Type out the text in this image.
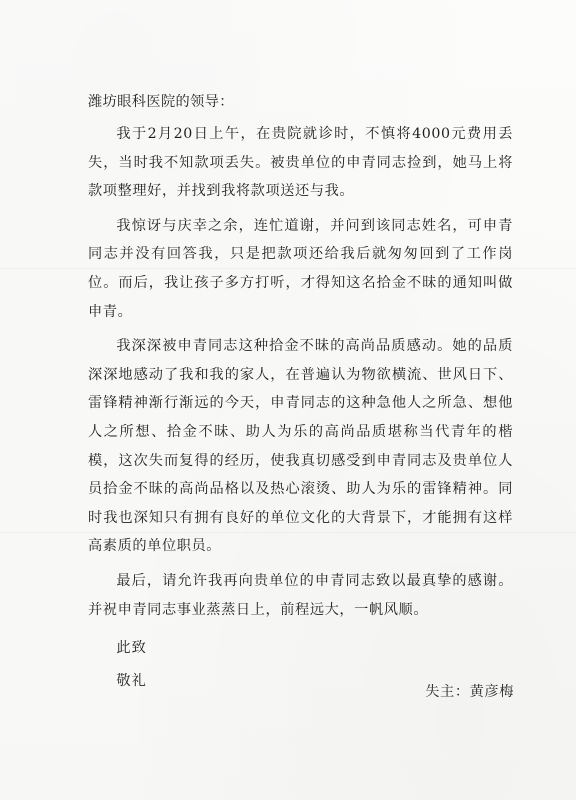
潍坊眼科医院的领导：

我于2月20日上午，在贵院就诊时，不慎将4000元费用丢失，当时我不知款项丢失。被贵单位的申青同志捡到，她马上将款项整理好，并找到我将款项送还与我。

我惊讶与庆幸之余，连忙道谢，并问到该同志姓名，可申青同志并没有回答我，只是把款项还给我后就匆匆回到了工作岗位。而后，我让孩子多方打听，才得知这名拾金不昧的通知叫做申青。

我深深被申青同志这种拾金不昧的高尚品质感动。她的品质深深地感动了我和我的家人，在普遍认为物欲横流、世风日下、雷锋精神渐行渐远的今天，申青同志的这种急他人之所急、想他人之所想、拾金不昧、助人为乐的高尚品质堪称当代青年的楷模，这次失而复得的经历，使我真切感受到申青同志及贵单位人员拾金不昧的高尚品格以及热心滚烫、助人为乐的雷锋精神。同时我也深知只有拥有良好的单位文化的大背景下，才能拥有这样高素质的单位职员。

最后，请允许我再向贵单位的申青同志致以最真挚的感谢。并祝申青同志事业蒸蒸日上，前程远大，一帆风顺。

此致

敬礼

失主：黄彦梅
